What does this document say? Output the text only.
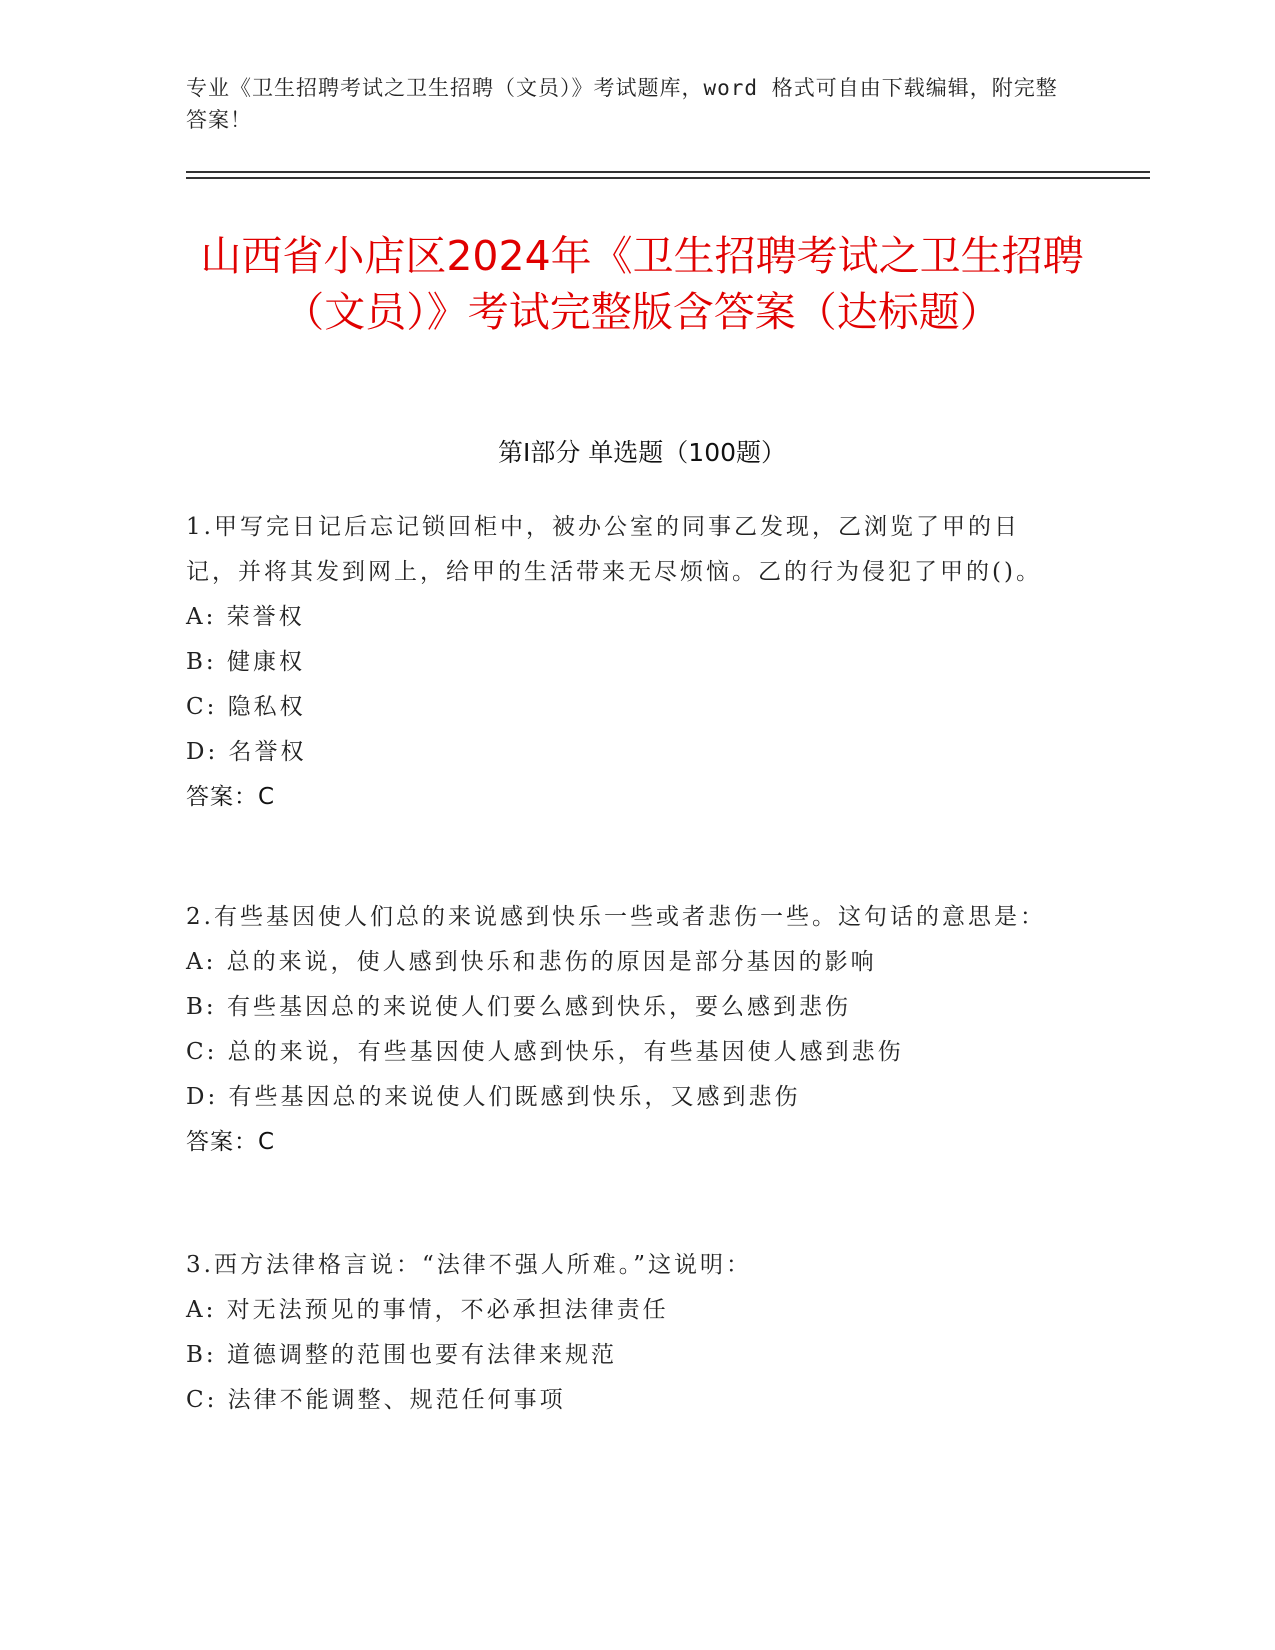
专业《卫生招聘考试之卫生招聘（文员）》考试题库，word 格式可自由下载编辑，附完整答案！
山西省小店区2024年《卫生招聘考试之卫生招聘（文员）》考试完整版含答案（达标题）
第I部分 单选题（100题）
1.甲写完日记后忘记锁回柜中，被办公室的同事乙发现，乙浏览了甲的日记，并将其发到网上，给甲的生活带来无尽烦恼。乙的行为侵犯了甲的()。
A: 荣誉权
B: 健康权
C: 隐私权
D: 名誉权
答案：C
2.有些基因使人们总的来说感到快乐一些或者悲伤一些。这句话的意思是：
A: 总的来说，使人感到快乐和悲伤的原因是部分基因的影响
B: 有些基因总的来说使人们要么感到快乐，要么感到悲伤
C: 总的来说，有些基因使人感到快乐，有些基因使人感到悲伤
D: 有些基因总的来说使人们既感到快乐，又感到悲伤
答案：C
3.西方法律格言说：“法律不强人所难。”这说明：
A: 对无法预见的事情，不必承担法律责任
B: 道德调整的范围也要有法律来规范
C: 法律不能调整、规范任何事项
